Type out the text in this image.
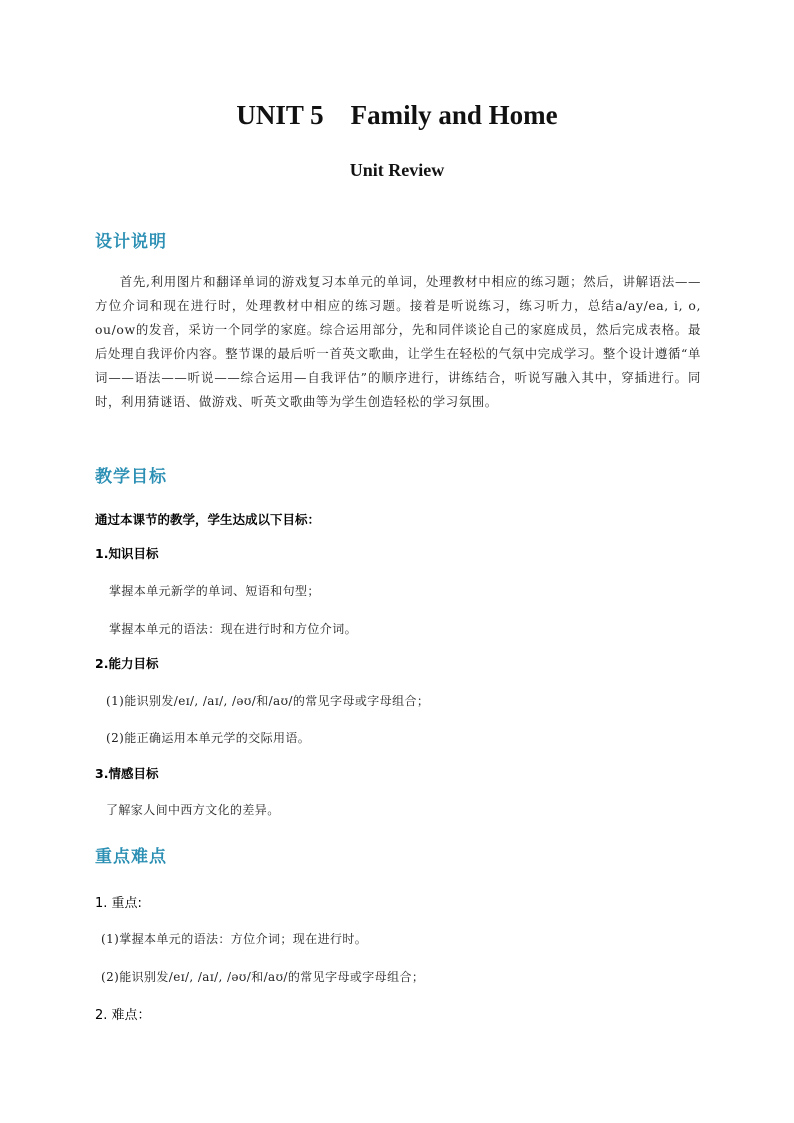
UNIT 5    Family and Home
Unit Review
设计说明
首先,利用图片和翻译单词的游戏复习本单元的单词，处理教材中相应的练习题；然后，讲解语法——方位介词和现在进行时，处理教材中相应的练习题。接着是听说练习，练习听力，总结a/ay/ea, i, o, ou/ow的发音，采访一个同学的家庭。综合运用部分，先和同伴谈论自己的家庭成员，然后完成表格。最后处理自我评价内容。整节课的最后听一首英文歌曲，让学生在轻松的气氛中完成学习。整个设计遵循“单词——语法——听说——综合运用—自我评估”的顺序进行，讲练结合，听说写融入其中，穿插进行。同时，利用猜谜语、做游戏、听英文歌曲等为学生创造轻松的学习氛围。
教学目标
通过本课节的教学，学生达成以下目标：
1.知识目标
掌握本单元新学的单词、短语和句型；
掌握本单元的语法：现在进行时和方位介词。
2.能力目标
(1)能识别发/eɪ/, /aɪ/, /əʊ/和/aʊ/的常见字母或字母组合；
(2)能正确运用本单元学的交际用语。
3.情感目标
了解家人间中西方文化的差异。
重点难点
1. 重点:
(1)掌握本单元的语法：方位介词；现在进行时。
(2)能识别发/eɪ/, /aɪ/, /əʊ/和/aʊ/的常见字母或字母组合；
2. 难点：
